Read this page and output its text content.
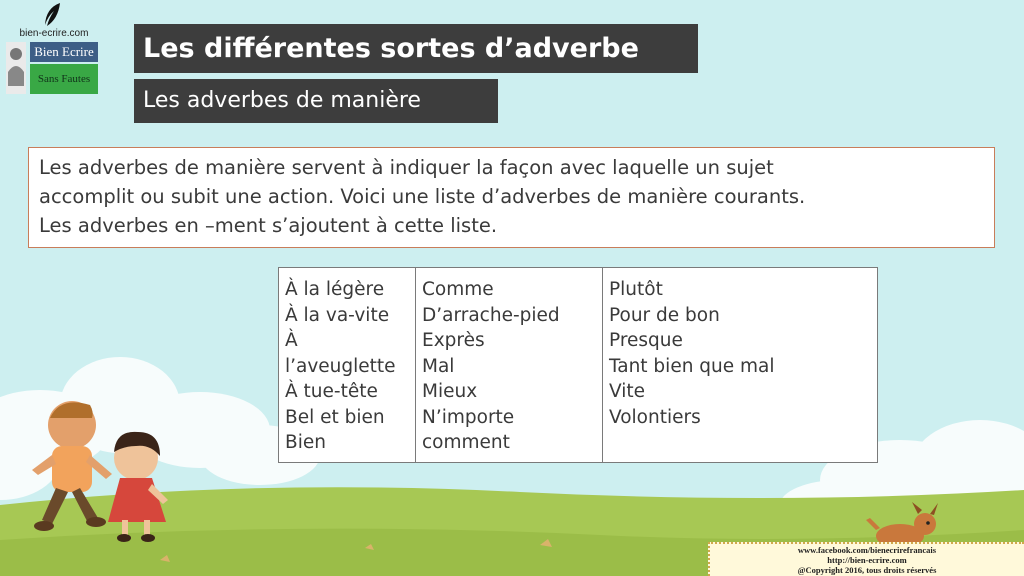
bien-ecrire.com
Bien Ecrire
Sans Fautes
Les différentes sortes d’adverbe
Les adverbes de manière
Les adverbes de manière servent à indiquer la façon avec laquelle un sujet
accomplit ou subit une action. Voici une liste d’adverbes de manière courants.
Les adverbes en –ment s’ajoutent à cette liste.
À la légère
À la va-vite
À
l’aveuglette
À tue-tête
Bel et bien
Bien

Comme
D’arrache-pied
Exprès
Mal
Mieux
N’importe
comment

Plutôt
Pour de bon
Presque
Tant bien que mal
Vite
Volontiers
www.facebook.com/bienecrirefrancais
http://bien-ecrire.com
@Copyright 2016, tous droits réservés
